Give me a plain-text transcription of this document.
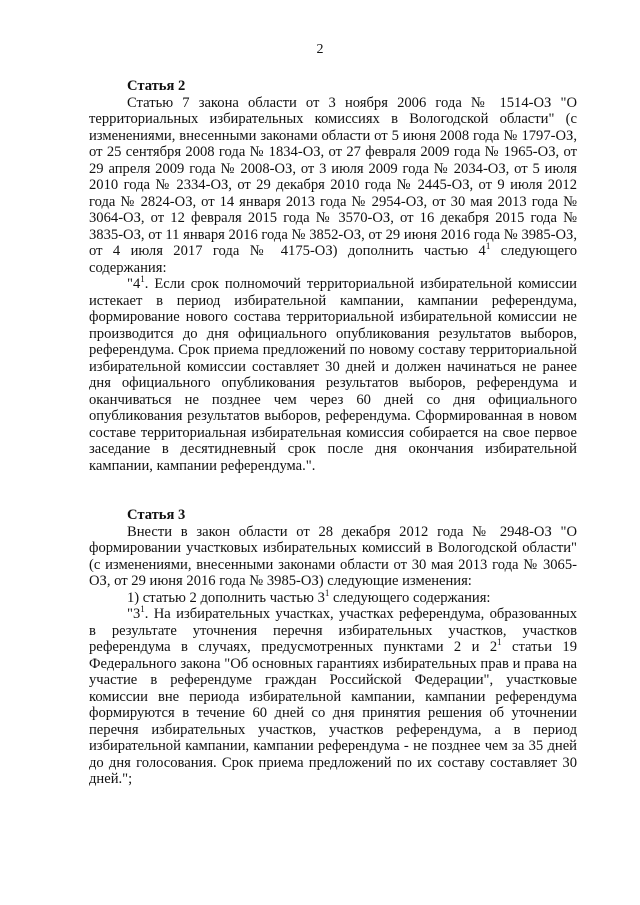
2

Статья 2

Статью 7 закона области от 3 ноября 2006 года № 1514-ОЗ "О территориальных избирательных комиссиях в Вологодской области" (с изменениями, внесенными законами области от 5 июня 2008 года № 1797-ОЗ, от 25 сентября 2008 года № 1834-ОЗ, от 27 февраля 2009 года № 1965-ОЗ, от 29 апреля 2009 года № 2008-ОЗ, от 3 июля 2009 года № 2034-ОЗ, от 5 июля 2010 года № 2334-ОЗ, от 29 декабря 2010 года № 2445-ОЗ, от 9 июля 2012 года № 2824-ОЗ, от 14 января 2013 года № 2954-ОЗ, от 30 мая 2013 года № 3064-ОЗ, от 12 февраля 2015 года № 3570-ОЗ, от 16 декабря 2015 года № 3835-ОЗ, от 11 января 2016 года № 3852-ОЗ, от 29 июня 2016 года № 3985-ОЗ, от 4 июля 2017 года № 4175-ОЗ) дополнить частью $4^1$ следующего содержания:

"$4^1$. Если срок полномочий территориальной избирательной комиссии истекает в период избирательной кампании, кампании референдума, формирование нового состава территориальной избирательной комиссии не производится до дня официального опубликования результатов выборов, референдума. Срок приема предложений по новому составу территориальной избирательной комиссии составляет 30 дней и должен начинаться не ранее дня официального опубликования результатов выборов, референдума и оканчиваться не позднее чем через 60 дней со дня официального опубликования результатов выборов, референдума. Сформированная в новом составе территориальная избирательная комиссия собирается на свое первое заседание в десятидневный срок после дня окончания избирательной кампании, кампании референдума.".

Статья 3

Внести в закон области от 28 декабря 2012 года № 2948-ОЗ "О формировании участковых избирательных комиссий в Вологодской области" (с изменениями, внесенными законами области от 30 мая 2013 года № 3065-ОЗ, от 29 июня 2016 года № 3985-ОЗ) следующие изменения:

1) статью 2 дополнить частью $3^1$ следующего содержания:

"$3^1$. На избирательных участках, участках референдума, образованных в результате уточнения перечня избирательных участков, участков референдума в случаях, предусмотренных пунктами 2 и $2^1$ статьи 19 Федерального закона "Об основных гарантиях избирательных прав и права на участие в референдуме граждан Российской Федерации", участковые комиссии вне периода избирательной кампании, кампании референдума формируются в течение 60 дней со дня принятия решения об уточнении перечня избирательных участков, участков референдума, а в период избирательной кампании, кампании референдума - не позднее чем за 35 дней до дня голосования. Срок приема предложений по их составу составляет 30 дней.";
